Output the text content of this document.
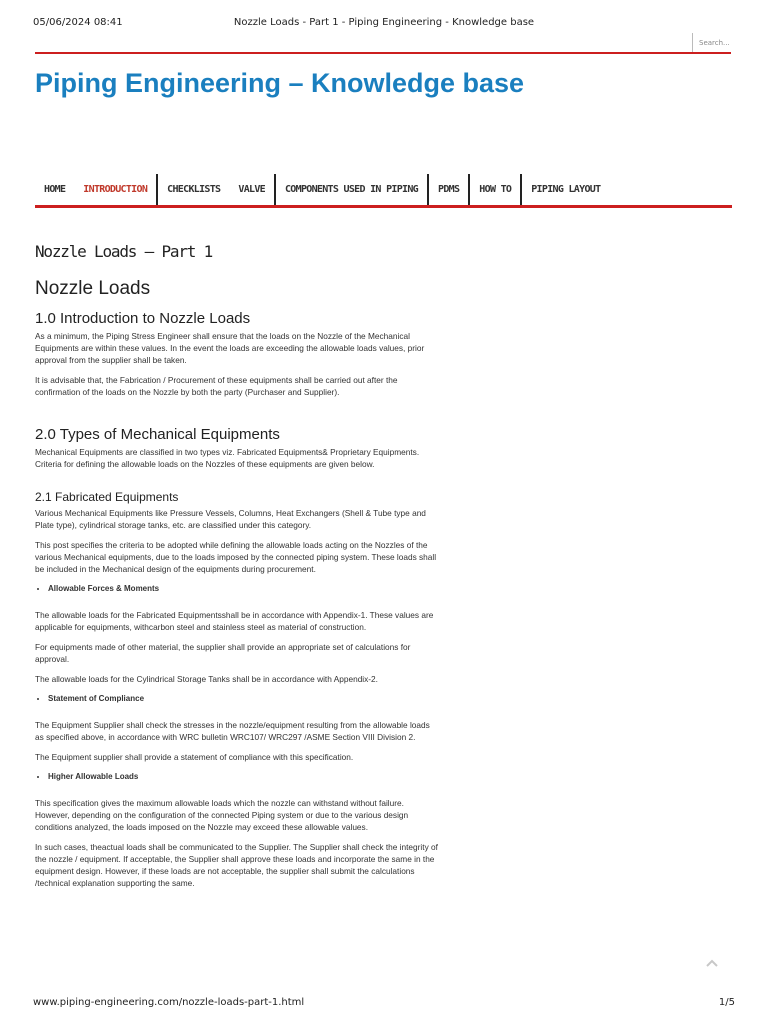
05/06/2024 08:41	Nozzle Loads - Part 1 - Piping Engineering - Knowledge base
Search...
Piping Engineering – Knowledge base
HOME	INTRODUCTION	CHECKLISTS	VALVE	COMPONENTS USED IN PIPING	PDMS	HOW TO	PIPING LAYOUT
Nozzle Loads – Part 1
Nozzle Loads
1.0 Introduction to Nozzle Loads

As a minimum, the Piping Stress Engineer shall ensure that the loads on the Nozzle of the Mechanical Equipments are within these values. In the event the loads are exceeding the allowable loads values, prior approval from the supplier shall be taken.

It is advisable that, the Fabrication / Procurement of these equipments shall be carried out after the confirmation of the loads on the Nozzle by both the party (Purchaser and Supplier).

2.0 Types of Mechanical Equipments

Mechanical Equipments are classified in two types viz. Fabricated Equipments& Proprietary Equipments. Criteria for defining the allowable loads on the Nozzles of these equipments are given below.

2.1 Fabricated Equipments

Various Mechanical Equipments like Pressure Vessels, Columns, Heat Exchangers (Shell & Tube type and Plate type), cylindrical storage tanks, etc. are classified under this category.

This post specifies the criteria to be adopted while defining the allowable loads acting on the Nozzles of the various Mechanical equipments, due to the loads imposed by the connected piping system. These loads shall be included in the Mechanical design of the equipments during procurement.

• Allowable Forces & Moments

The allowable loads for the Fabricated Equipmentsshall be in accordance with Appendix-1. These values are applicable for equipments, withcarbon steel and stainless steel as material of construction.

For equipments made of other material, the supplier shall provide an appropriate set of calculations for approval.

The allowable loads for the Cylindrical Storage Tanks shall be in accordance with Appendix-2.

• Statement of Compliance

The Equipment Supplier shall check the stresses in the nozzle/equipment resulting from the allowable loads as specified above, in accordance with WRC bulletin WRC107/ WRC297 /ASME Section VIII Division 2.

The Equipment supplier shall provide a statement of compliance with this specification.

• Higher Allowable Loads

This specification gives the maximum allowable loads which the nozzle can withstand without failure. However, depending on the configuration of the connected Piping system or due to the various design conditions analyzed, the loads imposed on the Nozzle may exceed these allowable values.

In such cases, theactual loads shall be communicated to the Supplier. The Supplier shall check the integrity of the nozzle / equipment. If acceptable, the Supplier shall approve these loads and incorporate the same in the equipment design. However, if these loads are not acceptable, the supplier shall submit the calculations /technical explanation supporting the same.

www.piping-engineering.com/nozzle-loads-part-1.html	1/5
